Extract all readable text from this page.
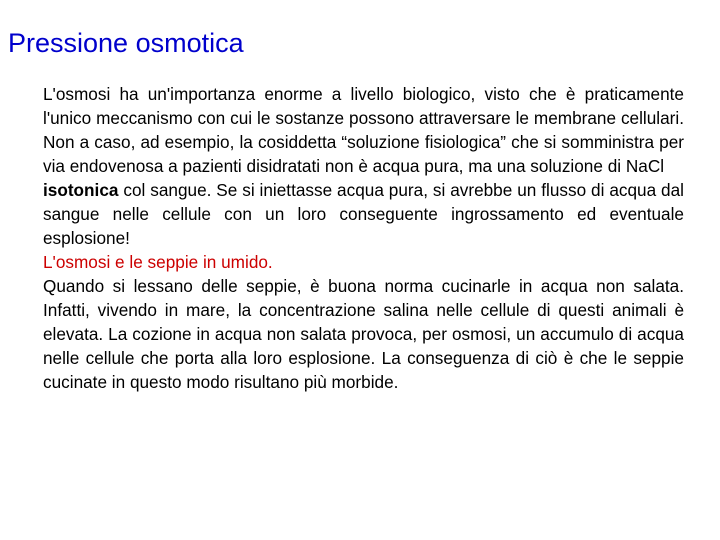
Pressione osmotica

L'osmosi ha un'importanza enorme a livello biologico, visto che è praticamente l'unico meccanismo con cui le sostanze possono attraversare le membrane cellulari. Non a caso, ad esempio, la cosiddetta “soluzione fisiologica” che si somministra per via endovenosa a pazienti disidratati non è acqua pura, ma una soluzione di NaCl
isotonica col sangue. Se si iniettasse acqua pura, si avrebbe un flusso di acqua dal sangue nelle cellule con un loro conseguente ingrossamento ed eventuale esplosione!

L'osmosi e le seppie in umido.

Quando si lessano delle seppie, è buona norma cucinarle in acqua non salata. Infatti, vivendo in mare, la concentrazione salina nelle cellule di questi animali è elevata. La cozione in acqua non salata provoca, per osmosi, un accumulo di acqua nelle cellule che porta alla loro esplosione. La conseguenza di ciò è che le seppie cucinate in questo modo risultano più morbide.
